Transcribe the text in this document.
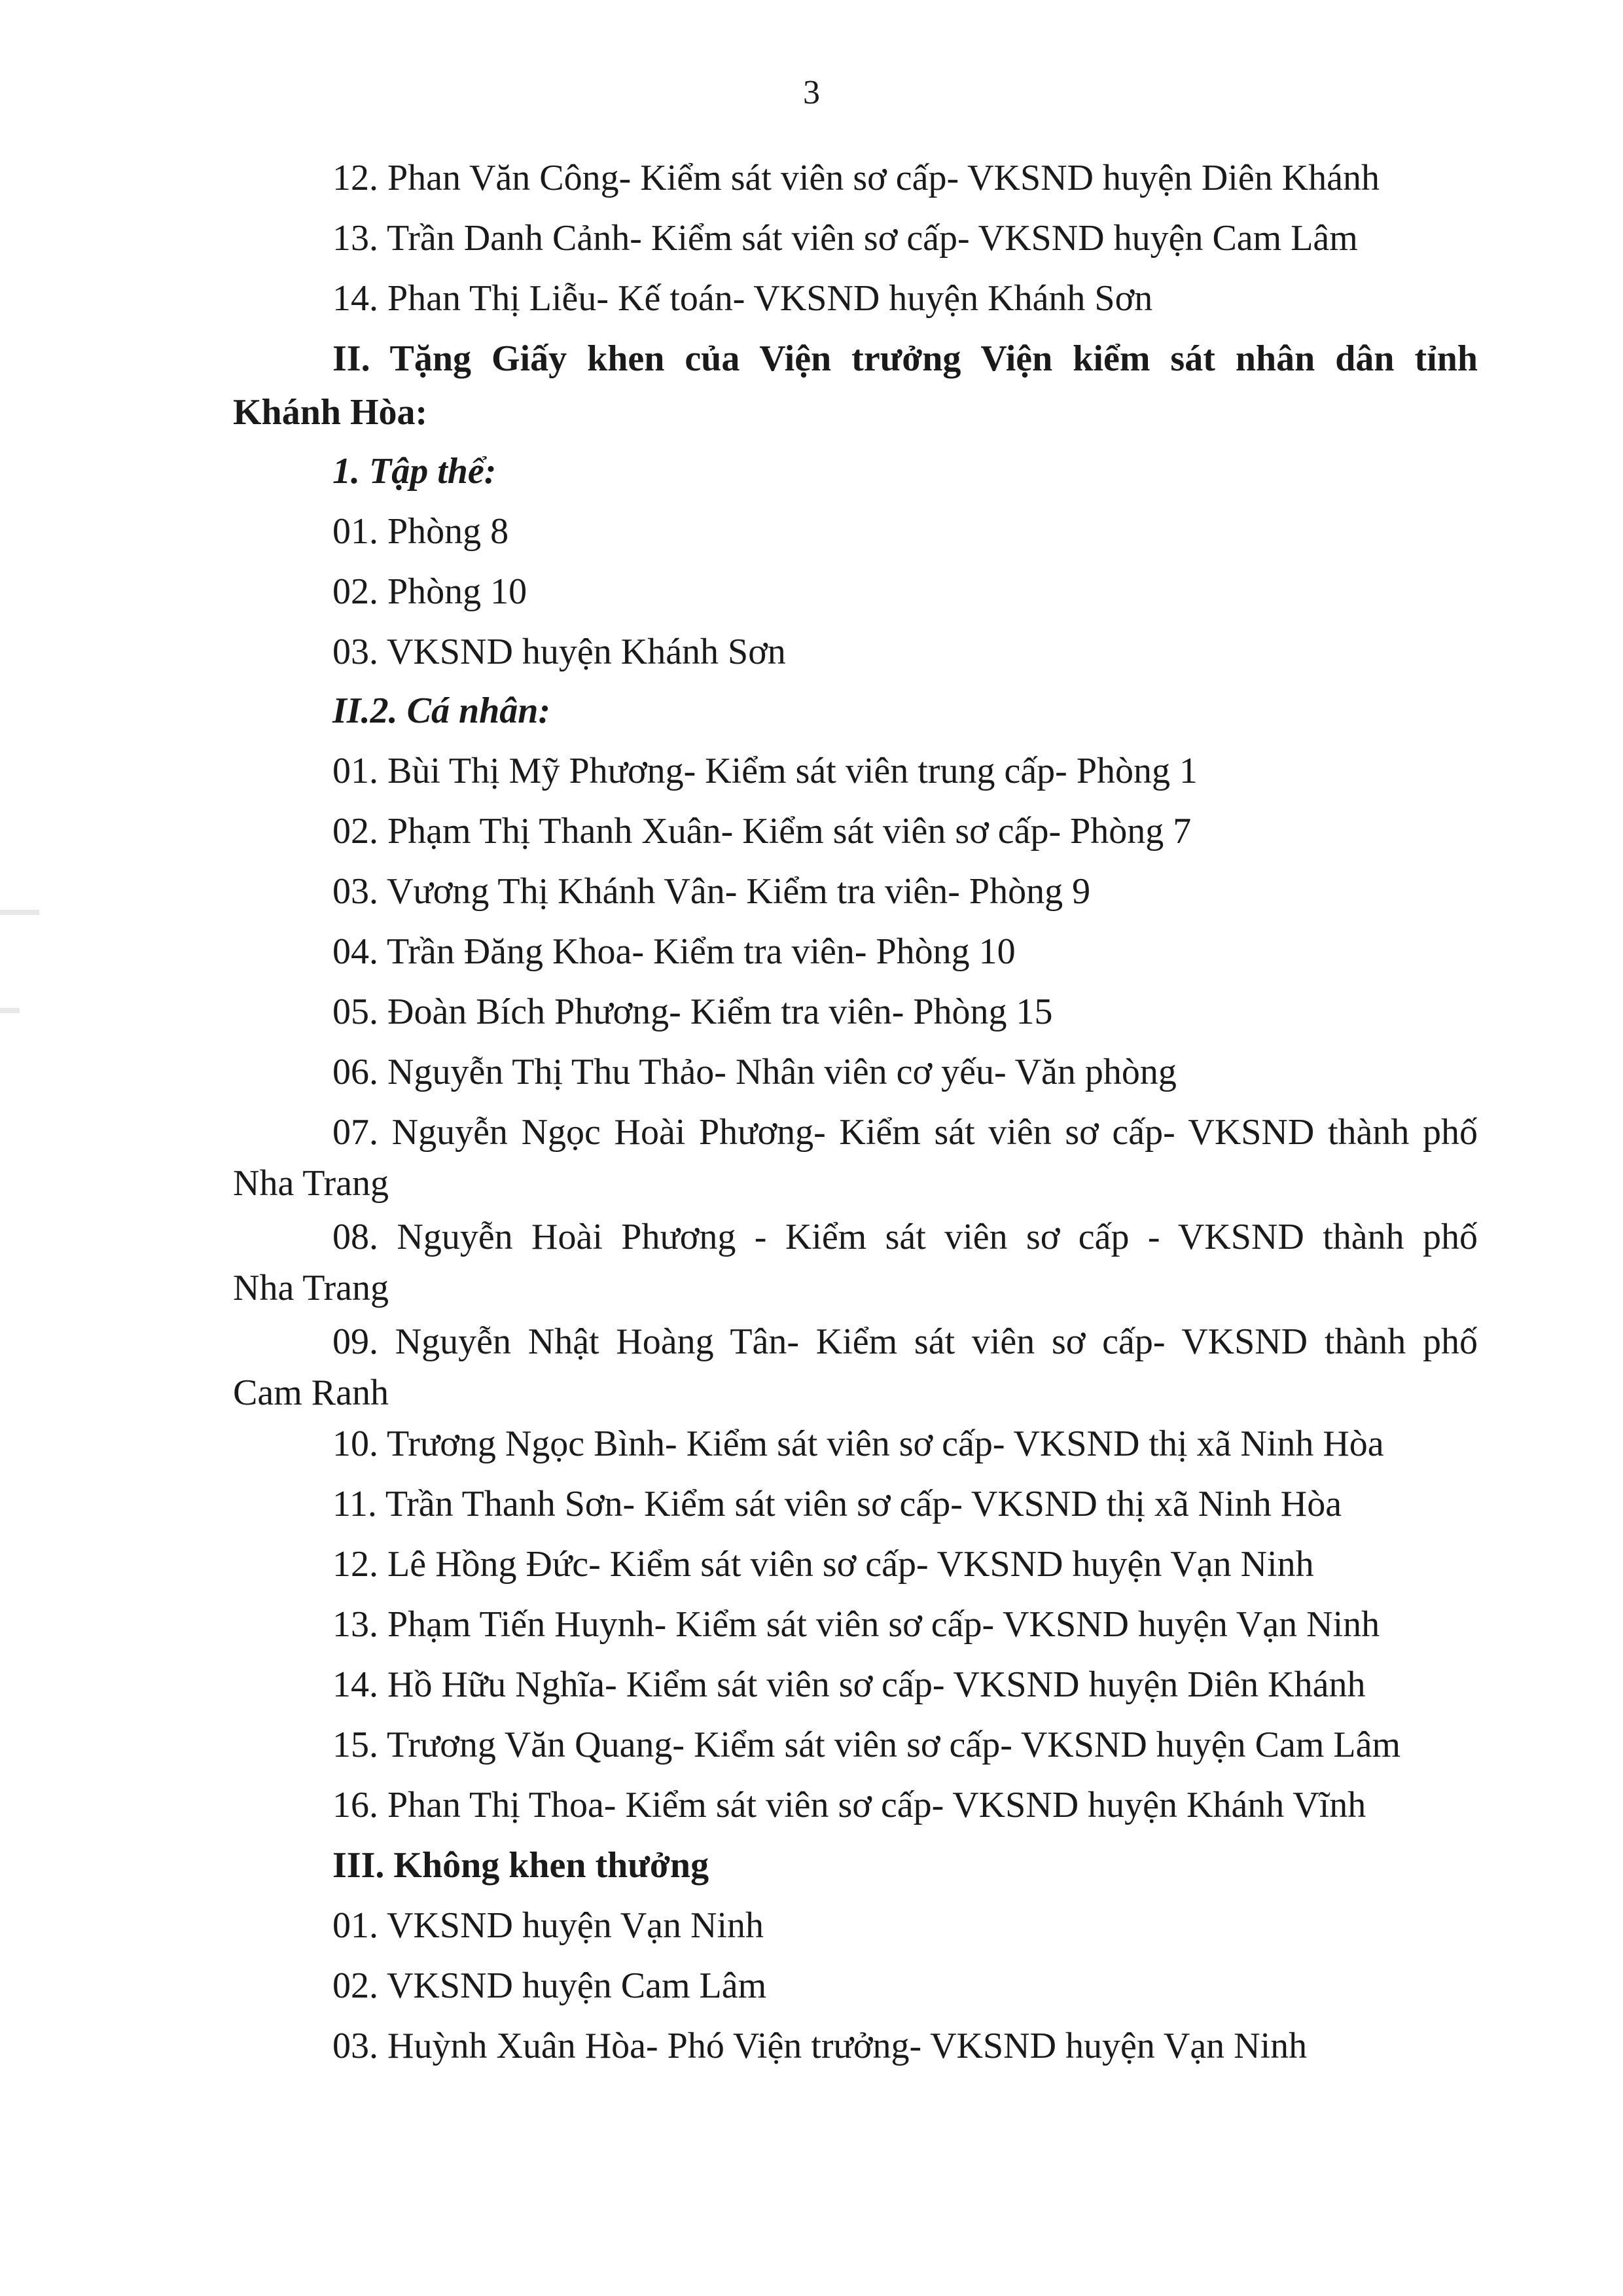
3
12. Phan Văn Công- Kiểm sát viên sơ cấp- VKSND huyện Diên Khánh
13. Trần Danh Cảnh- Kiểm sát viên sơ cấp- VKSND huyện Cam Lâm
14. Phan Thị Liễu- Kế toán- VKSND huyện Khánh Sơn
II. Tặng Giấy khen của Viện trưởng Viện kiểm sát nhân dân tỉnh
Khánh Hòa:
1. Tập thể:
01. Phòng 8
02. Phòng 10
03. VKSND huyện Khánh Sơn
II.2. Cá nhân:
01. Bùi Thị Mỹ Phương- Kiểm sát viên trung cấp- Phòng 1
02. Phạm Thị Thanh Xuân- Kiểm sát viên sơ cấp- Phòng 7
03. Vương Thị Khánh Vân- Kiểm tra viên- Phòng 9
04. Trần Đăng Khoa- Kiểm tra viên- Phòng 10
05. Đoàn Bích Phương- Kiểm tra viên- Phòng 15
06. Nguyễn Thị Thu Thảo- Nhân viên cơ yếu- Văn phòng
07. Nguyễn Ngọc Hoài Phương- Kiểm sát viên sơ cấp- VKSND thành phố
Nha Trang
08. Nguyễn Hoài Phương - Kiểm sát viên sơ cấp - VKSND thành phố
Nha Trang
09. Nguyễn Nhật Hoàng Tân- Kiểm sát viên sơ cấp- VKSND thành phố
Cam Ranh
10. Trương Ngọc Bình- Kiểm sát viên sơ cấp- VKSND thị xã Ninh Hòa
11. Trần Thanh Sơn- Kiểm sát viên sơ cấp- VKSND thị xã Ninh Hòa
12. Lê Hồng Đức- Kiểm sát viên sơ cấp- VKSND huyện Vạn Ninh
13. Phạm Tiến Huynh- Kiểm sát viên sơ cấp- VKSND huyện Vạn Ninh
14. Hồ Hữu Nghĩa- Kiểm sát viên sơ cấp- VKSND huyện Diên Khánh
15. Trương Văn Quang- Kiểm sát viên sơ cấp- VKSND huyện Cam Lâm
16. Phan Thị Thoa- Kiểm sát viên sơ cấp- VKSND huyện Khánh Vĩnh
III. Không khen thưởng
01. VKSND huyện Vạn Ninh
02. VKSND huyện Cam Lâm
03. Huỳnh Xuân Hòa- Phó Viện trưởng- VKSND huyện Vạn Ninh
